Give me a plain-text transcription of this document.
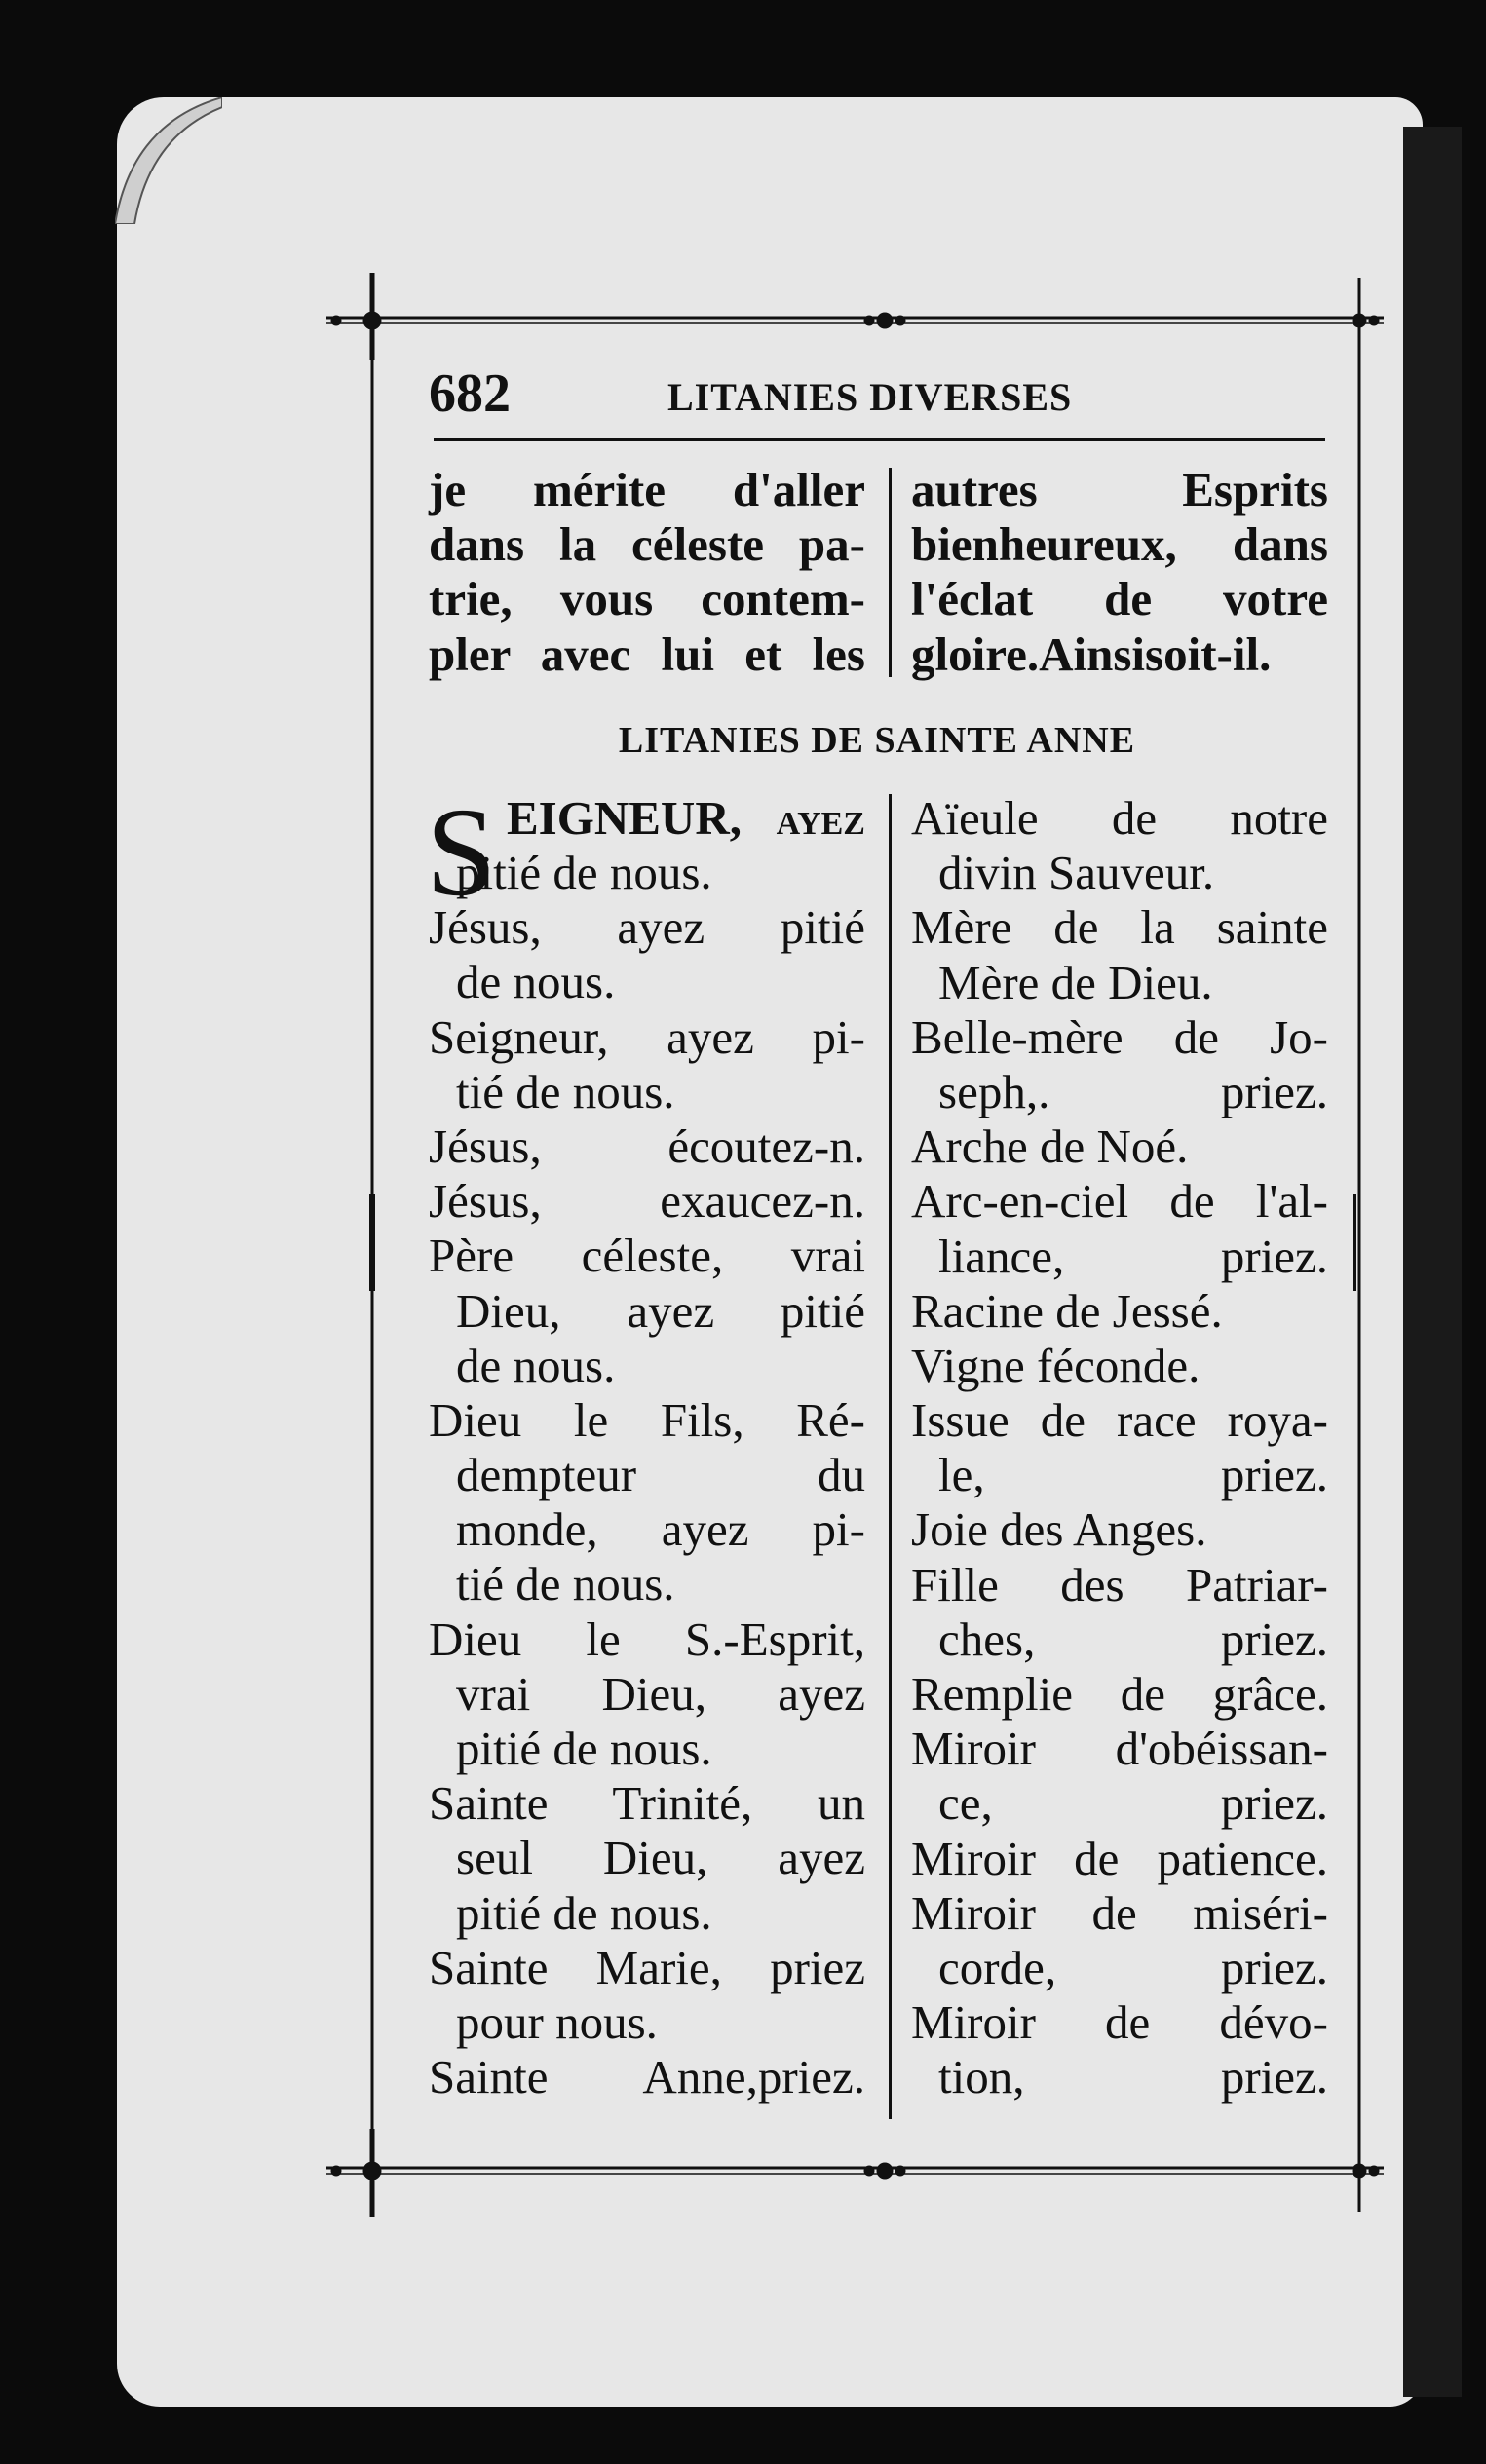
682	LITANIES DIVERSES
je mérite d'aller
dans la céleste pa-
trie, vous contem-
pler avec lui et les
autres Esprits
bienheureux, dans
l'éclat de votre
gloire.Ainsisoit-il.
LITANIES DE SAINTE ANNE
S EIGNEUR, ayez
pitié de nous.
Jésus, ayez pitié
de nous.
Seigneur, ayez pi-
tié de nous.
Jésus, écoutez-n.
Jésus, exaucez-n.
Père céleste, vrai
Dieu, ayez pitié
de nous.
Dieu le Fils, Ré-
dempteur du
monde, ayez pi-
tié de nous.
Dieu le S.-Esprit,
vrai Dieu, ayez
pitié de nous.
Sainte Trinité, un
seul Dieu, ayez
pitié de nous.
Sainte Marie, priez
pour nous.
Sainte Anne,priez.
Aïeule de notre
divin Sauveur.
Mère de la sainte
Mère de Dieu.
Belle-mère de Jo-
seph,. priez.
Arche de Noé.
Arc-en-ciel de l'al-
liance, priez.
Racine de Jessé.
Vigne féconde.
Issue de race roya-
le, priez.
Joie des Anges.
Fille des Patriar-
ches, priez.
Remplie de grâce.
Miroir d'obéissan-
ce, priez.
Miroir de patience.
Miroir de miséri-
corde, priez.
Miroir de dévo-
tion, priez.
